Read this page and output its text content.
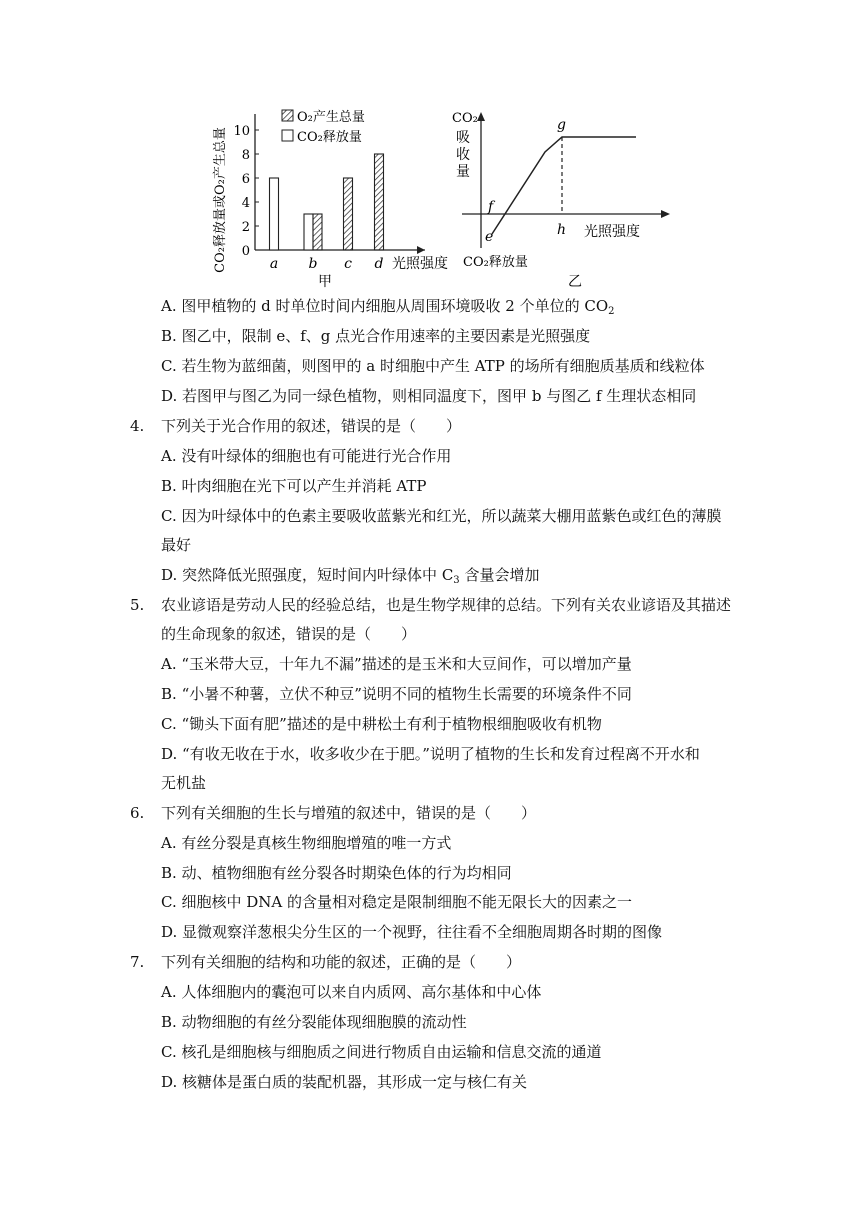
CO₂释放量或O₂产生总量 0
2
4
6
8
10
a b c d
O₂产生总量
CO₂释放量
光照强度
甲
CO₂
吸
收
量
g
f
e	h 光照强度
CO₂释放量
乙
A. 图甲植物的 d 时单位时间内细胞从周围环境吸收 2 个单位的 $CO_2$
B. 图乙中，限制 e、f、g 点光合作用速率的主要因素是光照强度
C. 若生物为蓝细菌，则图甲的 a 时细胞中产生 ATP 的场所有细胞质基质和线粒体
D. 若图甲与图乙为同一绿色植物，则相同温度下，图甲 b 与图乙 f 生理状态相同
4. 下列关于光合作用的叙述，错误的是（　　）
A. 没有叶绿体的细胞也有可能进行光合作用
B. 叶肉细胞在光下可以产生并消耗 ATP
C. 因为叶绿体中的色素主要吸收蓝紫光和红光，所以蔬菜大棚用蓝紫色或红色的薄膜
最好
D. 突然降低光照强度，短时间内叶绿体中 $C_3$ 含量会增加
5. 农业谚语是劳动人民的经验总结，也是生物学规律的总结。下列有关农业谚语及其描述
的生命现象的叙述，错误的是（　　）
A. “玉米带大豆，十年九不漏”描述的是玉米和大豆间作，可以增加产量
B. “小暑不种薯，立伏不种豆”说明不同的植物生长需要的环境条件不同
C. “锄头下面有肥”描述的是中耕松土有利于植物根细胞吸收有机物
D. “有收无收在于水，收多收少在于肥。”说明了植物的生长和发育过程离不开水和
无机盐
6. 下列有关细胞的生长与增殖的叙述中，错误的是（　　）
A. 有丝分裂是真核生物细胞增殖的唯一方式
B. 动、植物细胞有丝分裂各时期染色体的行为均相同
C. 细胞核中 DNA 的含量相对稳定是限制细胞不能无限长大的因素之一
D. 显微观察洋葱根尖分生区的一个视野，往往看不全细胞周期各时期的图像
7. 下列有关细胞的结构和功能的叙述，正确的是（　　）
A. 人体细胞内的囊泡可以来自内质网、高尔基体和中心体
B. 动物细胞的有丝分裂能体现细胞膜的流动性
C. 核孔是细胞核与细胞质之间进行物质自由运输和信息交流的通道
D. 核糖体是蛋白质的装配机器，其形成一定与核仁有关
